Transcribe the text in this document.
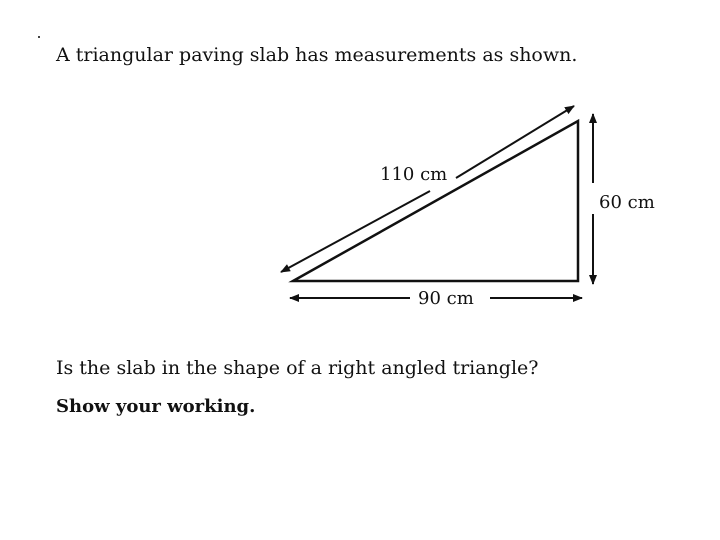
A triangular paving slab has measurements as shown.
110 cm
60 cm
90 cm
Is the slab in the shape of a right angled triangle?
Show your working.
